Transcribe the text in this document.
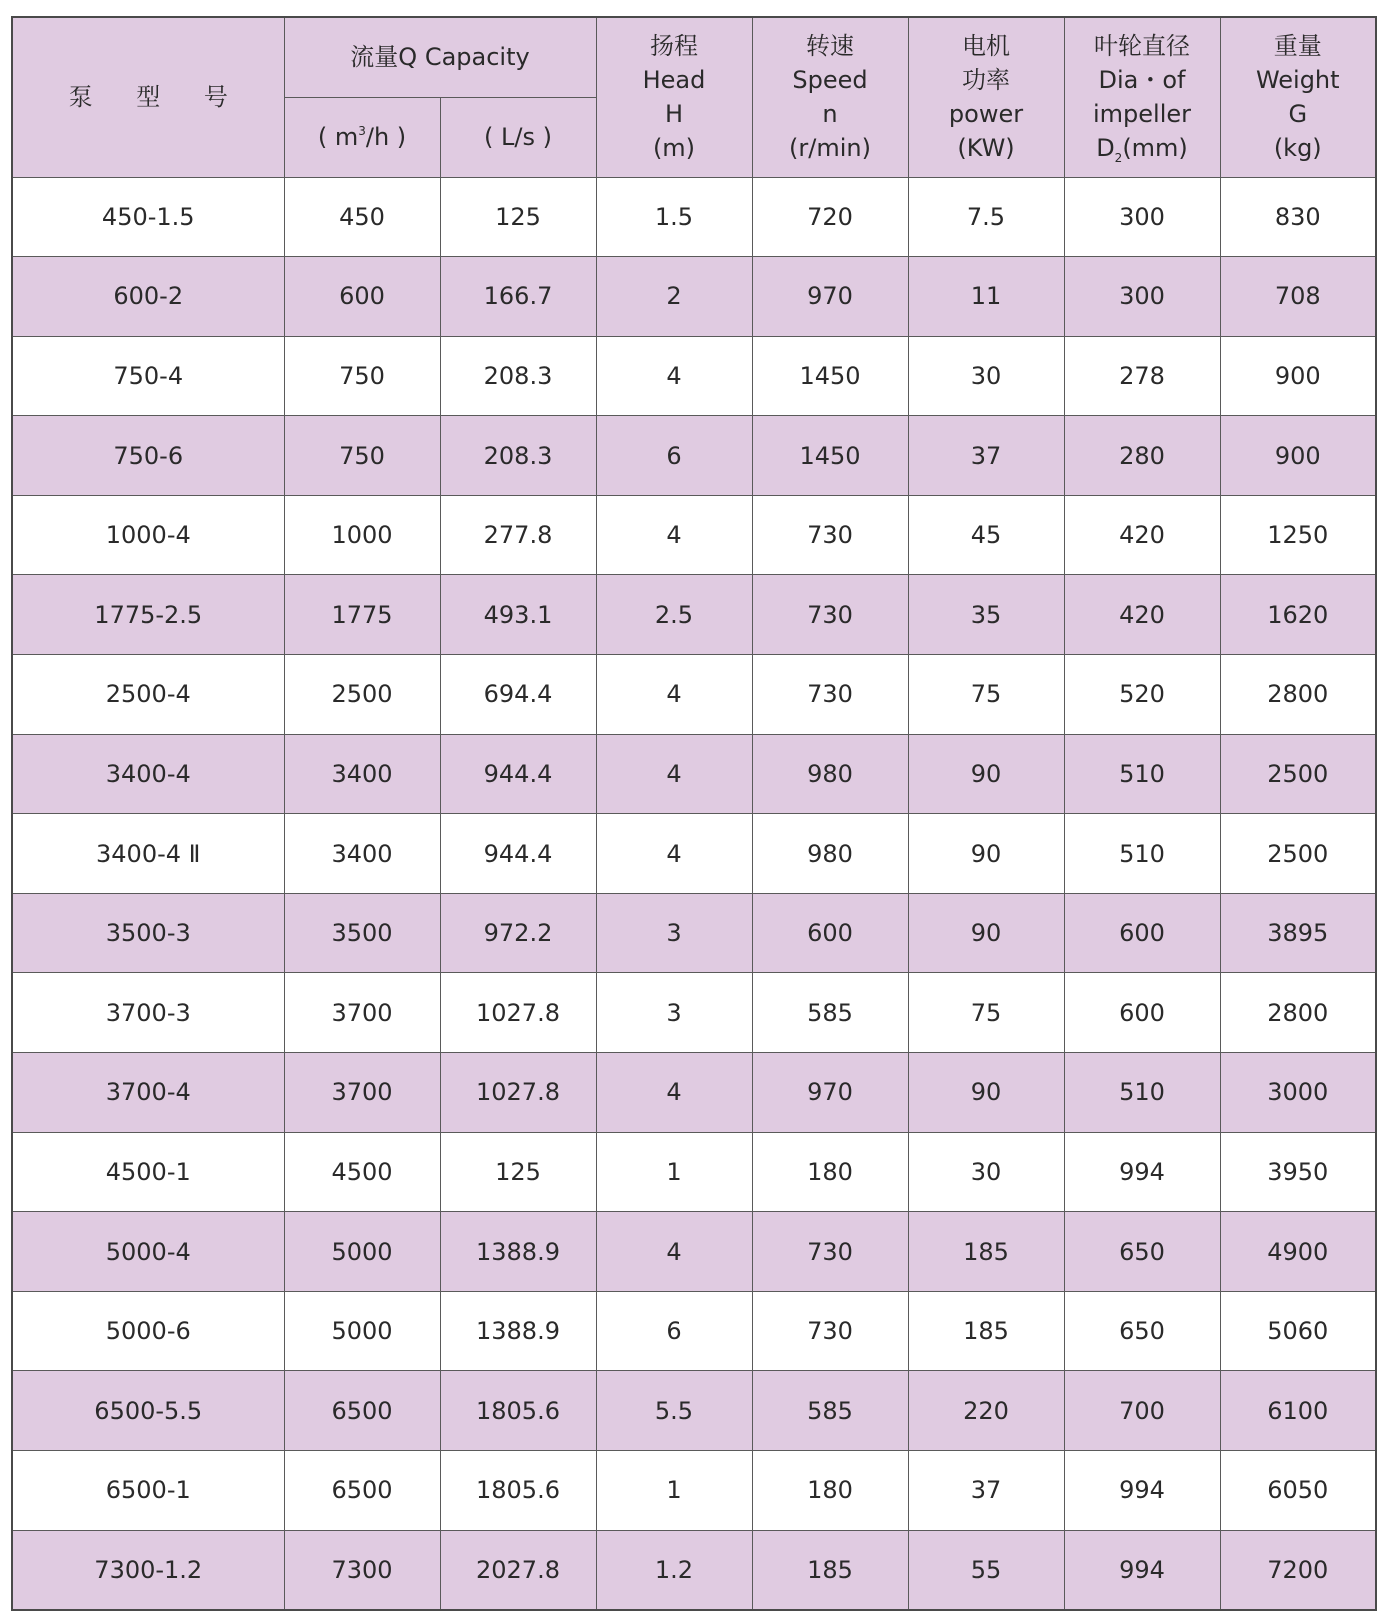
泵 型 号	流量Q Capacity		扬程
Head
H
(m)	转速
Speed
n
(r/min)	电机
功率
power
(KW)	叶轮直径
Dia・of
impeller
$D_2(mm)$	重量
Weight
G
(kg)

	( $m^3/h$ )	( L/s )					
450-1.5	450	125	1.5	720	7.5	300	830
600-2	600	166.7	2	970	11	300	708
750-4	750	208.3	4	1450	30	278	900
750-6	750	208.3	6	1450	37	280	900
1000-4	1000	277.8	4	730	45	420	1250
1775-2.5	1775	493.1	2.5	730	35	420	1620
2500-4	2500	694.4	4	730	75	520	2800
3400-4	3400	944.4	4	980	90	510	2500
3400-4 Ⅱ	3400	944.4	4	980	90	510	2500
3500-3	3500	972.2	3	600	90	600	3895
3700-3	3700	1027.8	3	585	75	600	2800
3700-4	3700	1027.8	4	970	90	510	3000
4500-1	4500	125	1	180	30	994	3950
5000-4	5000	1388.9	4	730	185	650	4900
5000-6	5000	1388.9	6	730	185	650	5060
6500-5.5	6500	1805.6	5.5	585	220	700	6100
6500-1	6500	1805.6	1	180	37	994	6050
7300-1.2	7300	2027.8	1.2	185	55	994	7200
